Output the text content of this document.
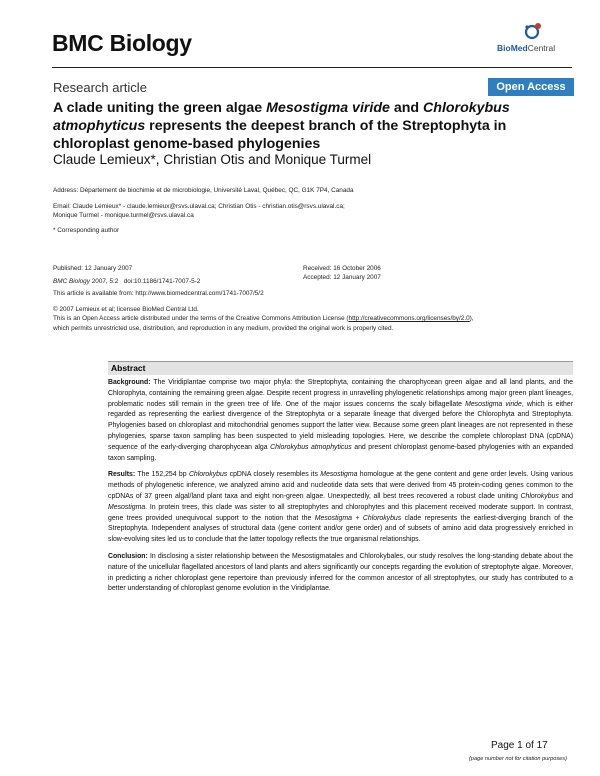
BMC Biology	BioMedCentral
Research article	Open Access
A clade uniting the green algae Mesostigma viride and Chlorokybus atmophyticus represents the deepest branch of the Streptophyta in chloroplast genome-based phylogenies
Claude Lemieux*, Christian Otis and Monique Turmel
Address: Département de biochimie et de microbiologie, Université Laval, Québec, QC, G1K 7P4, Canada
Email: Claude Lemieux* - claude.lemieux@rsvs.ulaval.ca; Christian Otis - christian.otis@rsvs.ulaval.ca;
Monique Turmel - monique.turmel@rsvs.ulaval.ca
* Corresponding author
Published: 12 January 2007
BMC Biology 2007, 5:2 doi:10.1186/1741-7007-5-2
This article is available from: http://www.biomedcentral.com/1741-7007/5/2
Received: 16 October 2006
Accepted: 12 January 2007
© 2007 Lemieux et al; licensee BioMed Central Ltd.
This is an Open Access article distributed under the terms of the Creative Commons Attribution License (http://creativecommons.org/licenses/by/2.0),
which permits unrestricted use, distribution, and reproduction in any medium, provided the original work is properly cited.
Abstract

Background: The Viridiplantae comprise two major phyla: the Streptophyta, containing the charophycean green algae and all land plants, and the Chlorophyta, containing the remaining green algae. Despite recent progress in unravelling phylogenetic relationships among major green plant lineages, problematic nodes still remain in the green tree of life. One of the major issues concerns the scaly biflagellate Mesostigma viride, which is either regarded as representing the earliest divergence of the Streptophyta or a separate lineage that diverged before the Chlorophyta and Streptophyta. Phylogenies based on chloroplast and mitochondrial genomes support the latter view. Because some green plant lineages are not represented in these phylogenies, sparse taxon sampling has been suspected to yield misleading topologies. Here, we describe the complete chloroplast DNA (cpDNA) sequence of the early-diverging charophycean alga Chlorokybus atmophyticus and present chloroplast genome-based phylogenies with an expanded taxon sampling.

Results: The 152,254 bp Chlorokybus cpDNA closely resembles its Mesostigma homologue at the gene content and gene order levels. Using various methods of phylogenetic inference, we analyzed amino acid and nucleotide data sets that were derived from 45 protein-coding genes common to the cpDNAs of 37 green algal/land plant taxa and eight non-green algae. Unexpectedly, all best trees recovered a robust clade uniting Chlorokybus and Mesostigma. In protein trees, this clade was sister to all streptophytes and chlorophytes and this placement received moderate support. In contrast, gene trees provided unequivocal support to the notion that the Mesostigma + Chlorokybus clade represents the earliest-diverging branch of the Streptophyta. Independent analyses of structural data (gene content and/or gene order) and of subsets of amino acid data progressively enriched in slow-evolving sites led us to conclude that the latter topology reflects the true organismal relationships.

Conclusion: In disclosing a sister relationship between the Mesostigmatales and Chlorokybales, our study resolves the long-standing debate about the nature of the unicellular flagellated ancestors of land plants and alters significantly our concepts regarding the evolution of streptophyte algae. Moreover, in predicting a richer chloroplast gene repertoire than previously inferred for the common ancestor of all streptophytes, our study has contributed to a better understanding of chloroplast genome evolution in the Viridiplantae.

Page 1 of 17
(page number not for citation purposes)
